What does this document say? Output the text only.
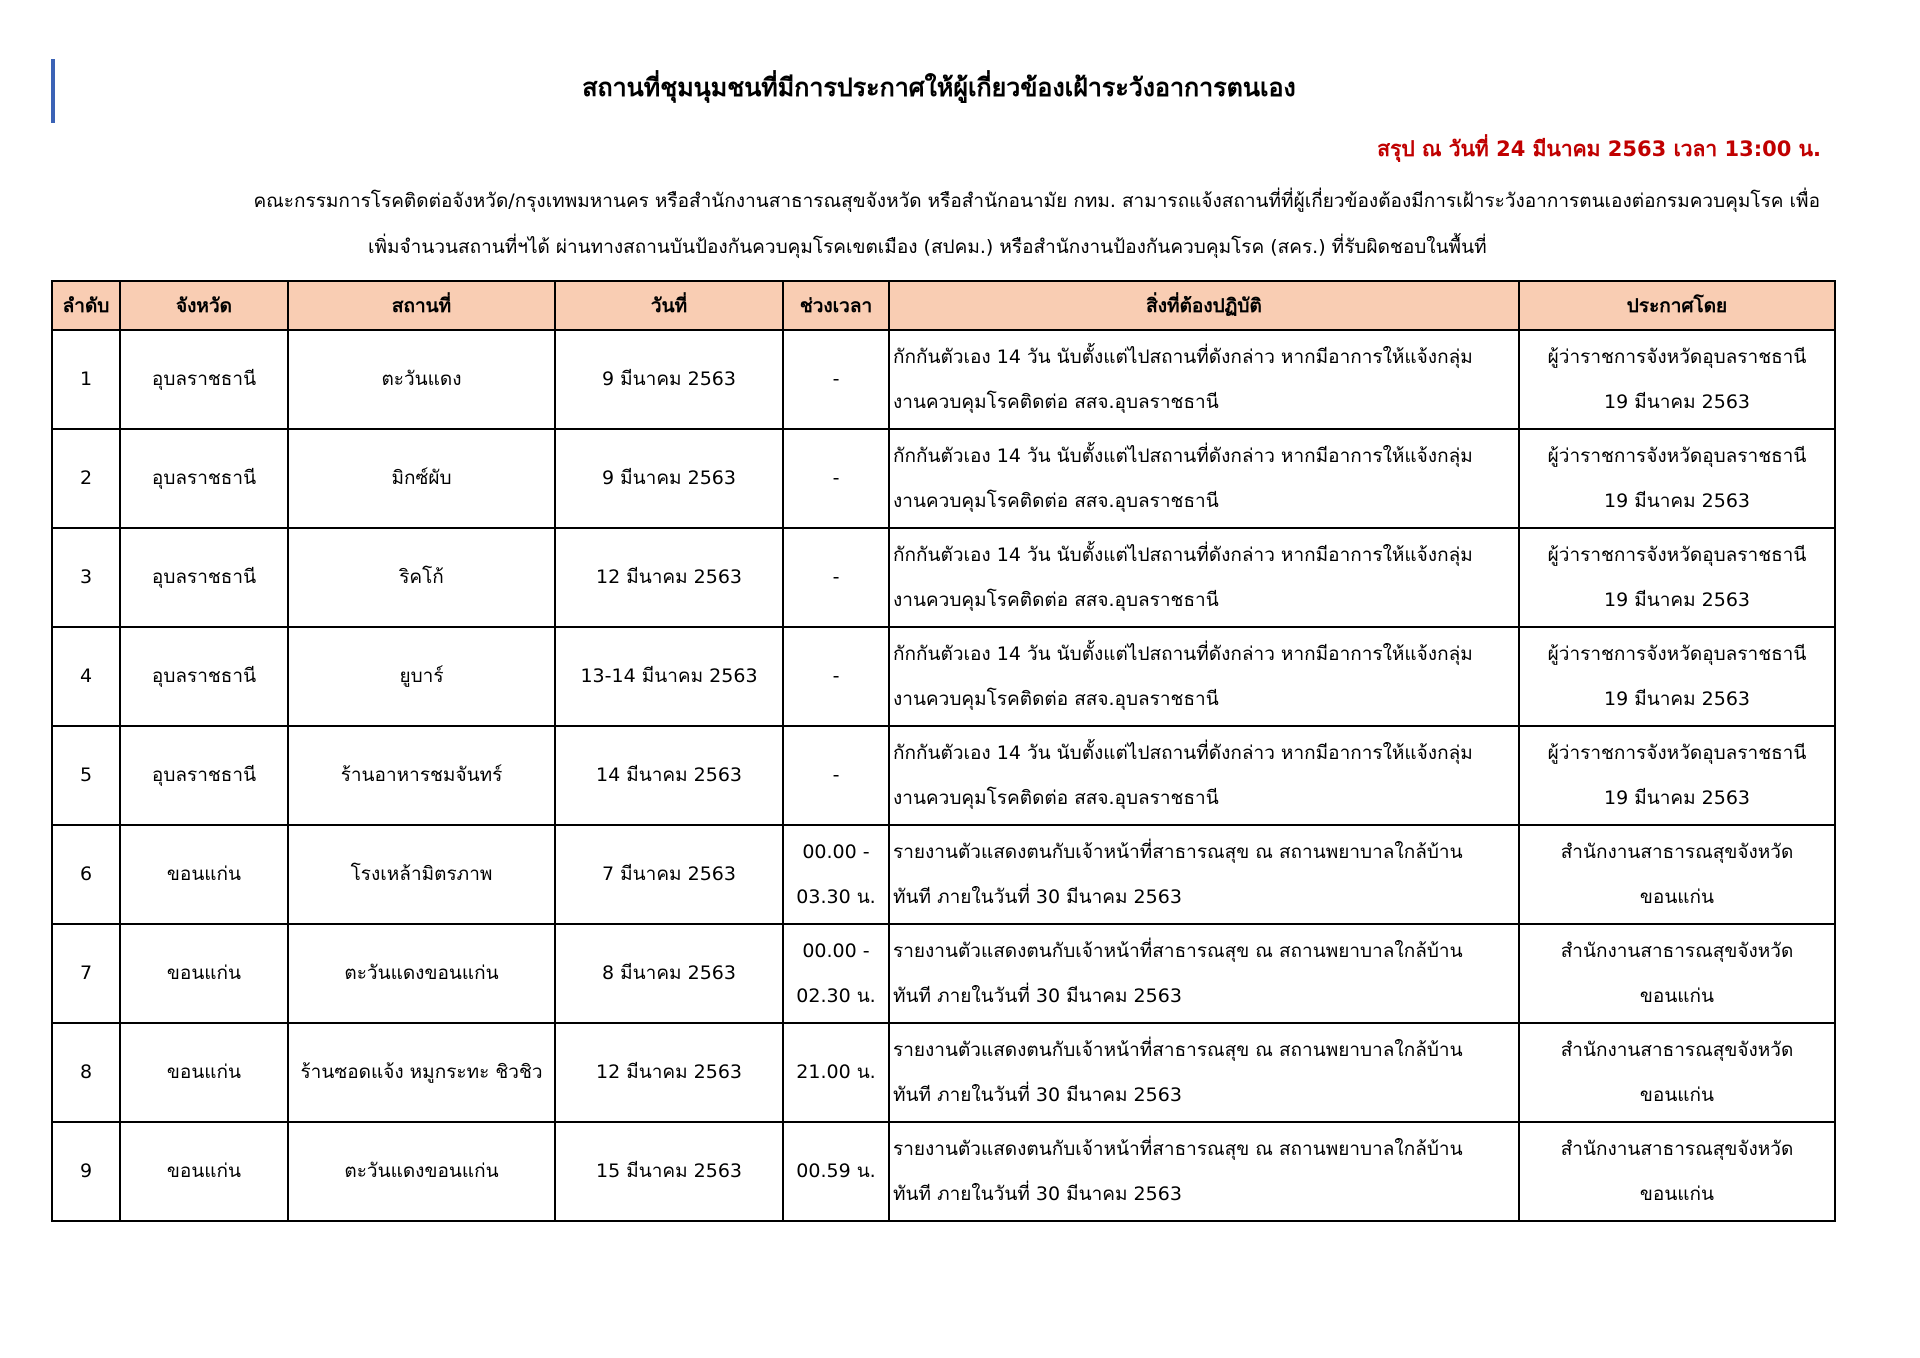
สถานที่ชุมนุมชนที่มีการประกาศให้ผู้เกี่ยวข้องเฝ้าระวังอาการตนเอง
สรุป ณ วันที่ 24 มีนาคม 2563 เวลา 13:00 น.
คณะกรรมการโรคติดต่อจังหวัด/กรุงเทพมหานคร หรือสำนักงานสาธารณสุขจังหวัด หรือสำนักอนามัย กทม. สามารถแจ้งสถานที่ที่ผู้เกี่ยวข้องต้องมีการเฝ้าระวังอาการตนเองต่อกรมควบคุมโรค เพื่อ
เพิ่มจำนวนสถานที่ฯได้ ผ่านทางสถานบันป้องกันควบคุมโรคเขตเมือง (สปคม.) หรือสำนักงานป้องกันควบคุมโรค (สคร.) ที่รับผิดชอบในพื้นที่
ลำดับ	จังหวัด	สถานที่	วันที่	ช่วงเวลา	สิ่งที่ต้องปฏิบัติ	ประกาศโดย
1	อุบลราชธานี	ตะวันแดง	9 มีนาคม 2563	-	กักกันตัวเอง 14 วัน นับตั้งแต่ไปสถานที่ดังกล่าว หากมีอาการให้แจ้งกลุ่ม
งานควบคุมโรคติดต่อ สสจ.อุบลราชธานี	ผู้ว่าราชการจังหวัดอุบลราชธานี
19 มีนาคม 2563

2	อุบลราชธานี	มิกซ์ผับ	9 มีนาคม 2563	-	กักกันตัวเอง 14 วัน นับตั้งแต่ไปสถานที่ดังกล่าว หากมีอาการให้แจ้งกลุ่ม
งานควบคุมโรคติดต่อ สสจ.อุบลราชธานี	ผู้ว่าราชการจังหวัดอุบลราชธานี
19 มีนาคม 2563

3	อุบลราชธานี	ริคโก้	12 มีนาคม 2563	-	กักกันตัวเอง 14 วัน นับตั้งแต่ไปสถานที่ดังกล่าว หากมีอาการให้แจ้งกลุ่ม
งานควบคุมโรคติดต่อ สสจ.อุบลราชธานี	ผู้ว่าราชการจังหวัดอุบลราชธานี
19 มีนาคม 2563

4	อุบลราชธานี	ยูบาร์	13-14 มีนาคม 2563	-	กักกันตัวเอง 14 วัน นับตั้งแต่ไปสถานที่ดังกล่าว หากมีอาการให้แจ้งกลุ่ม
งานควบคุมโรคติดต่อ สสจ.อุบลราชธานี	ผู้ว่าราชการจังหวัดอุบลราชธานี
19 มีนาคม 2563

5	อุบลราชธานี	ร้านอาหารชมจันทร์	14 มีนาคม 2563	-	กักกันตัวเอง 14 วัน นับตั้งแต่ไปสถานที่ดังกล่าว หากมีอาการให้แจ้งกลุ่ม
งานควบคุมโรคติดต่อ สสจ.อุบลราชธานี	ผู้ว่าราชการจังหวัดอุบลราชธานี
19 มีนาคม 2563

6	ขอนแก่น	โรงเหล้ามิตรภาพ	7 มีนาคม 2563	00.00 -
03.30 น.	รายงานตัวแสดงตนกับเจ้าหน้าที่สาธารณสุข ณ สถานพยาบาลใกล้บ้าน
ทันที ภายในวันที่ 30 มีนาคม 2563	สำนักงานสาธารณสุขจังหวัด
ขอนแก่น

7	ขอนแก่น	ตะวันแดงขอนแก่น	8 มีนาคม 2563	00.00 -
02.30 น.	รายงานตัวแสดงตนกับเจ้าหน้าที่สาธารณสุข ณ สถานพยาบาลใกล้บ้าน
ทันที ภายในวันที่ 30 มีนาคม 2563	สำนักงานสาธารณสุขจังหวัด
ขอนแก่น

8	ขอนแก่น	ร้านซอดแจ้ง หมูกระทะ ชิวชิว	12 มีนาคม 2563	21.00 น.	รายงานตัวแสดงตนกับเจ้าหน้าที่สาธารณสุข ณ สถานพยาบาลใกล้บ้าน
ทันที ภายในวันที่ 30 มีนาคม 2563	สำนักงานสาธารณสุขจังหวัด
ขอนแก่น

9	ขอนแก่น	ตะวันแดงขอนแก่น	15 มีนาคม 2563	00.59 น.	รายงานตัวแสดงตนกับเจ้าหน้าที่สาธารณสุข ณ สถานพยาบาลใกล้บ้าน
ทันที ภายในวันที่ 30 มีนาคม 2563	สำนักงานสาธารณสุขจังหวัด
ขอนแก่น
